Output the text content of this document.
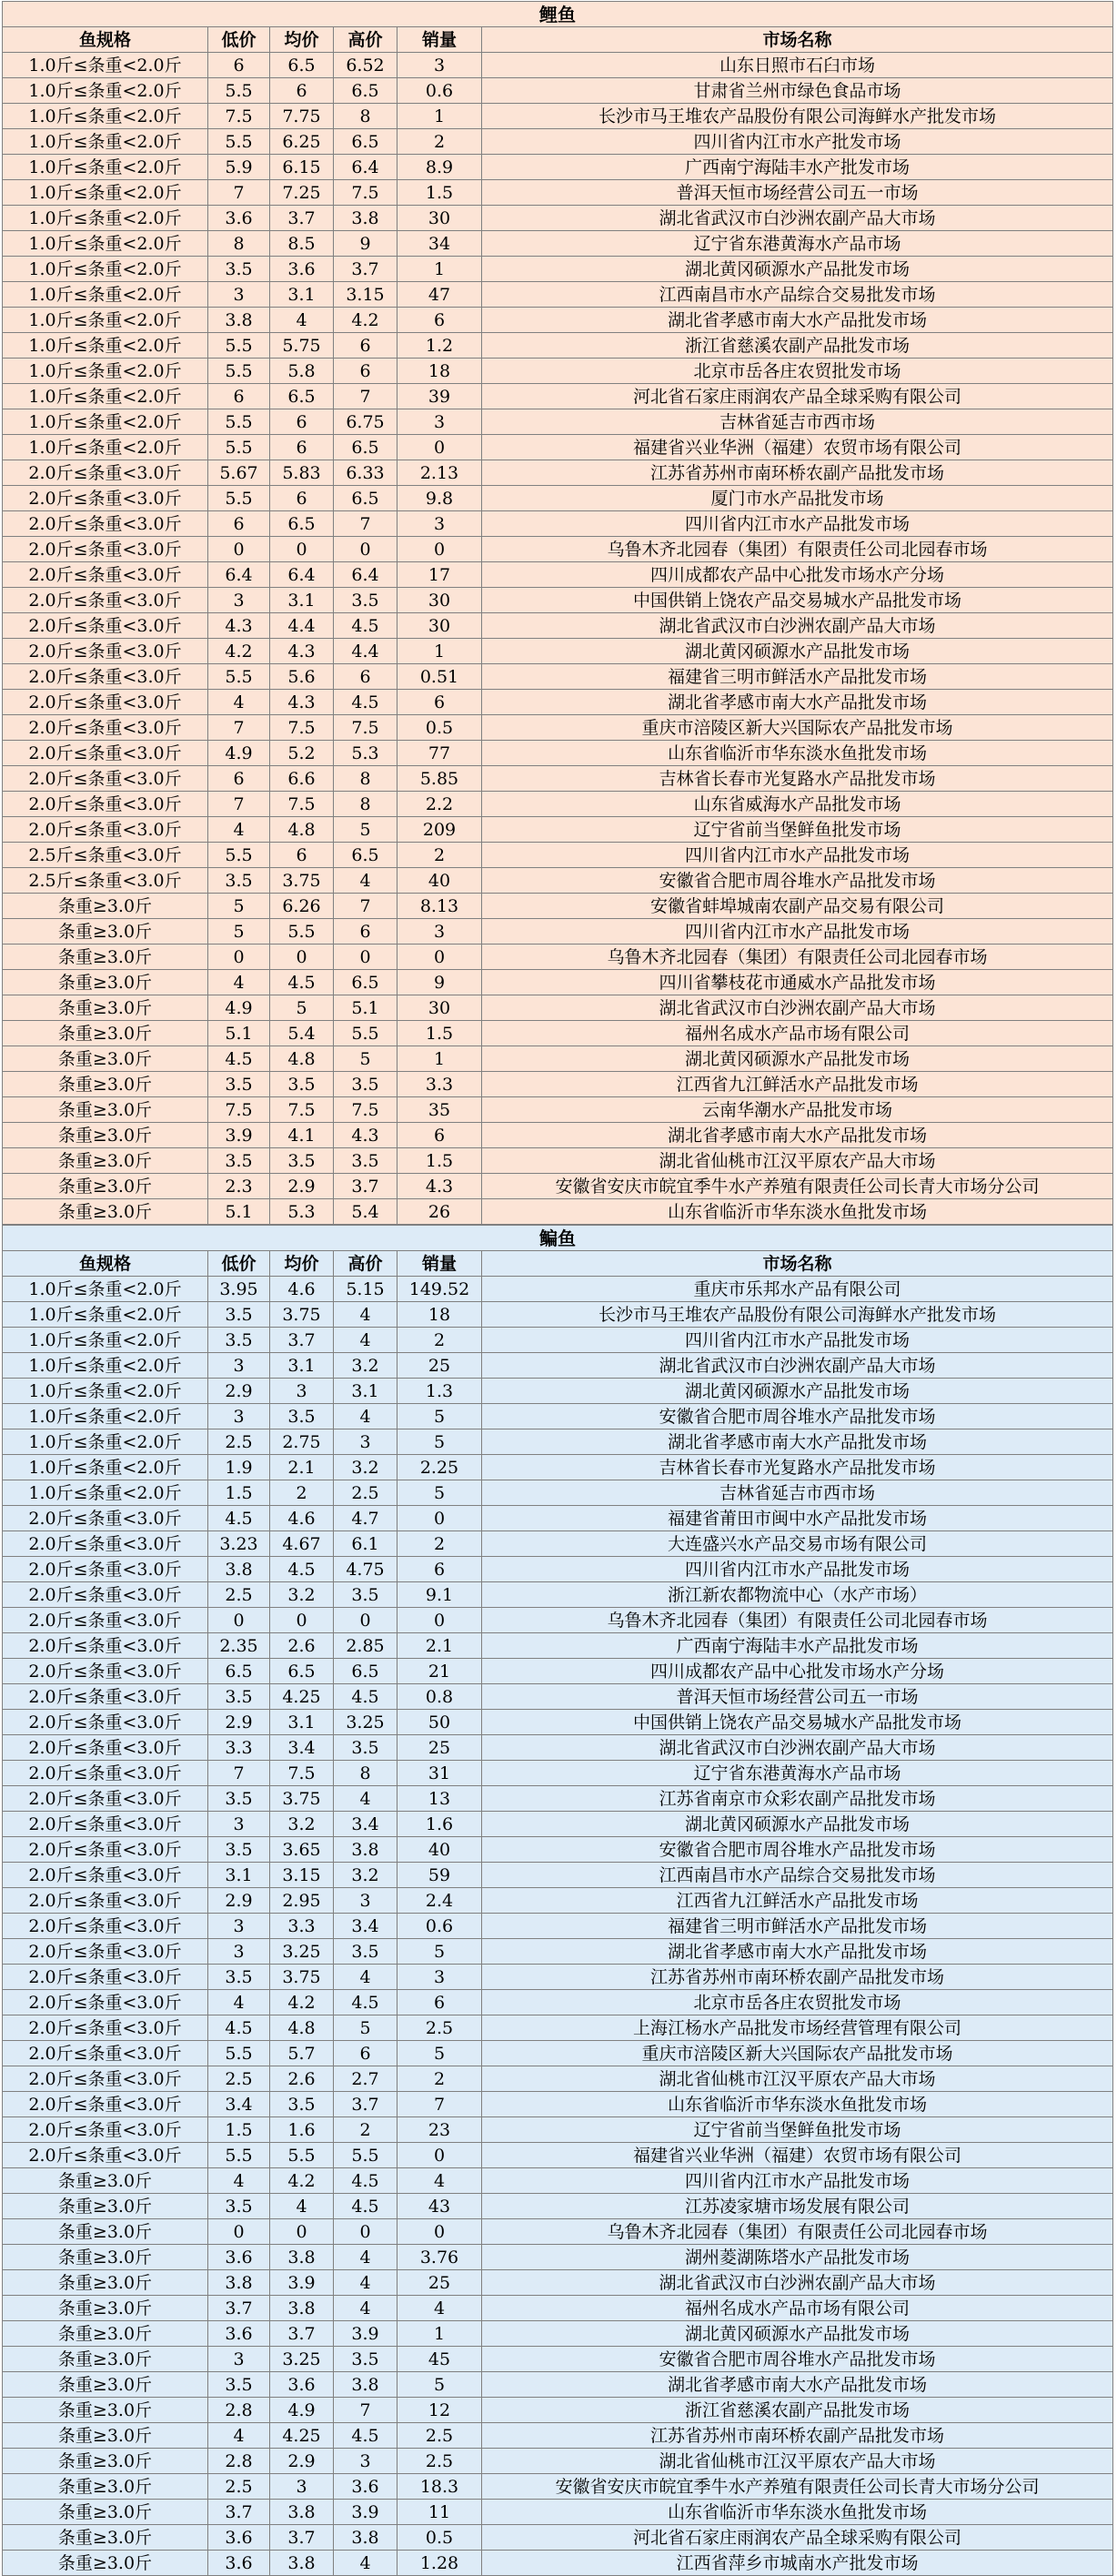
鲤鱼					
鱼规格	低价	均价	高价	销量	市场名称
1.0斤≤条重<2.0斤	6	6.5	6.52	3	山东日照市石臼市场
1.0斤≤条重<2.0斤	5.5	6	6.5	0.6	甘肃省兰州市绿色食品市场
1.0斤≤条重<2.0斤	7.5	7.75	8	1	长沙市马王堆农产品股份有限公司海鲜水产批发市场
1.0斤≤条重<2.0斤	5.5	6.25	6.5	2	四川省内江市水产批发市场
1.0斤≤条重<2.0斤	5.9	6.15	6.4	8.9	广西南宁海陆丰水产批发市场
1.0斤≤条重<2.0斤	7	7.25	7.5	1.5	普洱天恒市场经营公司五一市场
1.0斤≤条重<2.0斤	3.6	3.7	3.8	30	湖北省武汉市白沙洲农副产品大市场
1.0斤≤条重<2.0斤	8	8.5	9	34	辽宁省东港黄海水产品市场
1.0斤≤条重<2.0斤	3.5	3.6	3.7	1	湖北黄冈硕源水产品批发市场
1.0斤≤条重<2.0斤	3	3.1	3.15	47	江西南昌市水产品综合交易批发市场
1.0斤≤条重<2.0斤	3.8	4	4.2	6	湖北省孝感市南大水产品批发市场
1.0斤≤条重<2.0斤	5.5	5.75	6	1.2	浙江省慈溪农副产品批发市场
1.0斤≤条重<2.0斤	5.5	5.8	6	18	北京市岳各庄农贸批发市场
1.0斤≤条重<2.0斤	6	6.5	7	39	河北省石家庄雨润农产品全球采购有限公司
1.0斤≤条重<2.0斤	5.5	6	6.75	3	吉林省延吉市西市场
1.0斤≤条重<2.0斤	5.5	6	6.5	0	福建省兴业华洲（福建）农贸市场有限公司
2.0斤≤条重<3.0斤	5.67	5.83	6.33	2.13	江苏省苏州市南环桥农副产品批发市场
2.0斤≤条重<3.0斤	5.5	6	6.5	9.8	厦门市水产品批发市场
2.0斤≤条重<3.0斤	6	6.5	7	3	四川省内江市水产品批发市场
2.0斤≤条重<3.0斤	0	0	0	0	乌鲁木齐北园春（集团）有限责任公司北园春市场
2.0斤≤条重<3.0斤	6.4	6.4	6.4	17	四川成都农产品中心批发市场水产分场
2.0斤≤条重<3.0斤	3	3.1	3.5	30	中国供销上饶农产品交易城水产品批发市场
2.0斤≤条重<3.0斤	4.3	4.4	4.5	30	湖北省武汉市白沙洲农副产品大市场
2.0斤≤条重<3.0斤	4.2	4.3	4.4	1	湖北黄冈硕源水产品批发市场
2.0斤≤条重<3.0斤	5.5	5.6	6	0.51	福建省三明市鲜活水产品批发市场
2.0斤≤条重<3.0斤	4	4.3	4.5	6	湖北省孝感市南大水产品批发市场
2.0斤≤条重<3.0斤	7	7.5	7.5	0.5	重庆市涪陵区新大兴国际农产品批发市场
2.0斤≤条重<3.0斤	4.9	5.2	5.3	77	山东省临沂市华东淡水鱼批发市场
2.0斤≤条重<3.0斤	6	6.6	8	5.85	吉林省长春市光复路水产品批发市场
2.0斤≤条重<3.0斤	7	7.5	8	2.2	山东省威海水产品批发市场
2.0斤≤条重<3.0斤	4	4.8	5	209	辽宁省前当堡鲜鱼批发市场
2.5斤≤条重<3.0斤	5.5	6	6.5	2	四川省内江市水产品批发市场
2.5斤≤条重<3.0斤	3.5	3.75	4	40	安徽省合肥市周谷堆水产品批发市场
条重≥3.0斤	5	6.26	7	8.13	安徽省蚌埠城南农副产品交易有限公司
条重≥3.0斤	5	5.5	6	3	四川省内江市水产品批发市场
条重≥3.0斤	0	0	0	0	乌鲁木齐北园春（集团）有限责任公司北园春市场
条重≥3.0斤	4	4.5	6.5	9	四川省攀枝花市通威水产品批发市场
条重≥3.0斤	4.9	5	5.1	30	湖北省武汉市白沙洲农副产品大市场
条重≥3.0斤	5.1	5.4	5.5	1.5	福州名成水产品市场有限公司
条重≥3.0斤	4.5	4.8	5	1	湖北黄冈硕源水产品批发市场
条重≥3.0斤	3.5	3.5	3.5	3.3	江西省九江鲜活水产品批发市场
条重≥3.0斤	7.5	7.5	7.5	35	云南华潮水产品批发市场
条重≥3.0斤	3.9	4.1	4.3	6	湖北省孝感市南大水产品批发市场
条重≥3.0斤	3.5	3.5	3.5	1.5	湖北省仙桃市江汉平原农产品大市场
条重≥3.0斤	2.3	2.9	3.7	4.3	安徽省安庆市皖宜季牛水产养殖有限责任公司长青大市场分公司
条重≥3.0斤	5.1	5.3	5.4	26	山东省临沂市华东淡水鱼批发市场
鳊鱼					
鱼规格	低价	均价	高价	销量	市场名称
1.0斤≤条重<2.0斤	3.95	4.6	5.15	149.52	重庆市乐邦水产品有限公司
1.0斤≤条重<2.0斤	3.5	3.75	4	18	长沙市马王堆农产品股份有限公司海鲜水产批发市场
1.0斤≤条重<2.0斤	3.5	3.7	4	2	四川省内江市水产品批发市场
1.0斤≤条重<2.0斤	3	3.1	3.2	25	湖北省武汉市白沙洲农副产品大市场
1.0斤≤条重<2.0斤	2.9	3	3.1	1.3	湖北黄冈硕源水产品批发市场
1.0斤≤条重<2.0斤	3	3.5	4	5	安徽省合肥市周谷堆水产品批发市场
1.0斤≤条重<2.0斤	2.5	2.75	3	5	湖北省孝感市南大水产品批发市场
1.0斤≤条重<2.0斤	1.9	2.1	3.2	2.25	吉林省长春市光复路水产品批发市场
1.0斤≤条重<2.0斤	1.5	2	2.5	5	吉林省延吉市西市场
2.0斤≤条重<3.0斤	4.5	4.6	4.7	0	福建省莆田市闽中水产品批发市场
2.0斤≤条重<3.0斤	3.23	4.67	6.1	2	大连盛兴水产品交易市场有限公司
2.0斤≤条重<3.0斤	3.8	4.5	4.75	6	四川省内江市水产品批发市场
2.0斤≤条重<3.0斤	2.5	3.2	3.5	9.1	浙江新农都物流中心（水产市场）
2.0斤≤条重<3.0斤	0	0	0	0	乌鲁木齐北园春（集团）有限责任公司北园春市场
2.0斤≤条重<3.0斤	2.35	2.6	2.85	2.1	广西南宁海陆丰水产品批发市场
2.0斤≤条重<3.0斤	6.5	6.5	6.5	21	四川成都农产品中心批发市场水产分场
2.0斤≤条重<3.0斤	3.5	4.25	4.5	0.8	普洱天恒市场经营公司五一市场
2.0斤≤条重<3.0斤	2.9	3.1	3.25	50	中国供销上饶农产品交易城水产品批发市场
2.0斤≤条重<3.0斤	3.3	3.4	3.5	25	湖北省武汉市白沙洲农副产品大市场
2.0斤≤条重<3.0斤	7	7.5	8	31	辽宁省东港黄海水产品市场
2.0斤≤条重<3.0斤	3.5	3.75	4	13	江苏省南京市众彩农副产品批发市场
2.0斤≤条重<3.0斤	3	3.2	3.4	1.6	湖北黄冈硕源水产品批发市场
2.0斤≤条重<3.0斤	3.5	3.65	3.8	40	安徽省合肥市周谷堆水产品批发市场
2.0斤≤条重<3.0斤	3.1	3.15	3.2	59	江西南昌市水产品综合交易批发市场
2.0斤≤条重<3.0斤	2.9	2.95	3	2.4	江西省九江鲜活水产品批发市场
2.0斤≤条重<3.0斤	3	3.3	3.4	0.6	福建省三明市鲜活水产品批发市场
2.0斤≤条重<3.0斤	3	3.25	3.5	5	湖北省孝感市南大水产品批发市场
2.0斤≤条重<3.0斤	3.5	3.75	4	3	江苏省苏州市南环桥农副产品批发市场
2.0斤≤条重<3.0斤	4	4.2	4.5	6	北京市岳各庄农贸批发市场
2.0斤≤条重<3.0斤	4.5	4.8	5	2.5	上海江杨水产品批发市场经营管理有限公司
2.0斤≤条重<3.0斤	5.5	5.7	6	5	重庆市涪陵区新大兴国际农产品批发市场
2.0斤≤条重<3.0斤	2.5	2.6	2.7	2	湖北省仙桃市江汉平原农产品大市场
2.0斤≤条重<3.0斤	3.4	3.5	3.7	7	山东省临沂市华东淡水鱼批发市场
2.0斤≤条重<3.0斤	1.5	1.6	2	23	辽宁省前当堡鲜鱼批发市场
2.0斤≤条重<3.0斤	5.5	5.5	5.5	0	福建省兴业华洲（福建）农贸市场有限公司
条重≥3.0斤	4	4.2	4.5	4	四川省内江市水产品批发市场
条重≥3.0斤	3.5	4	4.5	43	江苏凌家塘市场发展有限公司
条重≥3.0斤	0	0	0	0	乌鲁木齐北园春（集团）有限责任公司北园春市场
条重≥3.0斤	3.6	3.8	4	3.76	湖州菱湖陈塔水产品批发市场
条重≥3.0斤	3.8	3.9	4	25	湖北省武汉市白沙洲农副产品大市场
条重≥3.0斤	3.7	3.8	4	4	福州名成水产品市场有限公司
条重≥3.0斤	3.6	3.7	3.9	1	湖北黄冈硕源水产品批发市场
条重≥3.0斤	3	3.25	3.5	45	安徽省合肥市周谷堆水产品批发市场
条重≥3.0斤	3.5	3.6	3.8	5	湖北省孝感市南大水产品批发市场
条重≥3.0斤	2.8	4.9	7	12	浙江省慈溪农副产品批发市场
条重≥3.0斤	4	4.25	4.5	2.5	江苏省苏州市南环桥农副产品批发市场
条重≥3.0斤	2.8	2.9	3	2.5	湖北省仙桃市江汉平原农产品大市场
条重≥3.0斤	2.5	3	3.6	18.3	安徽省安庆市皖宜季牛水产养殖有限责任公司长青大市场分公司
条重≥3.0斤	3.7	3.8	3.9	11	山东省临沂市华东淡水鱼批发市场
条重≥3.0斤	3.6	3.7	3.8	0.5	河北省石家庄雨润农产品全球采购有限公司
条重≥3.0斤	3.6	3.8	4	1.28	江西省萍乡市城南水产批发市场
